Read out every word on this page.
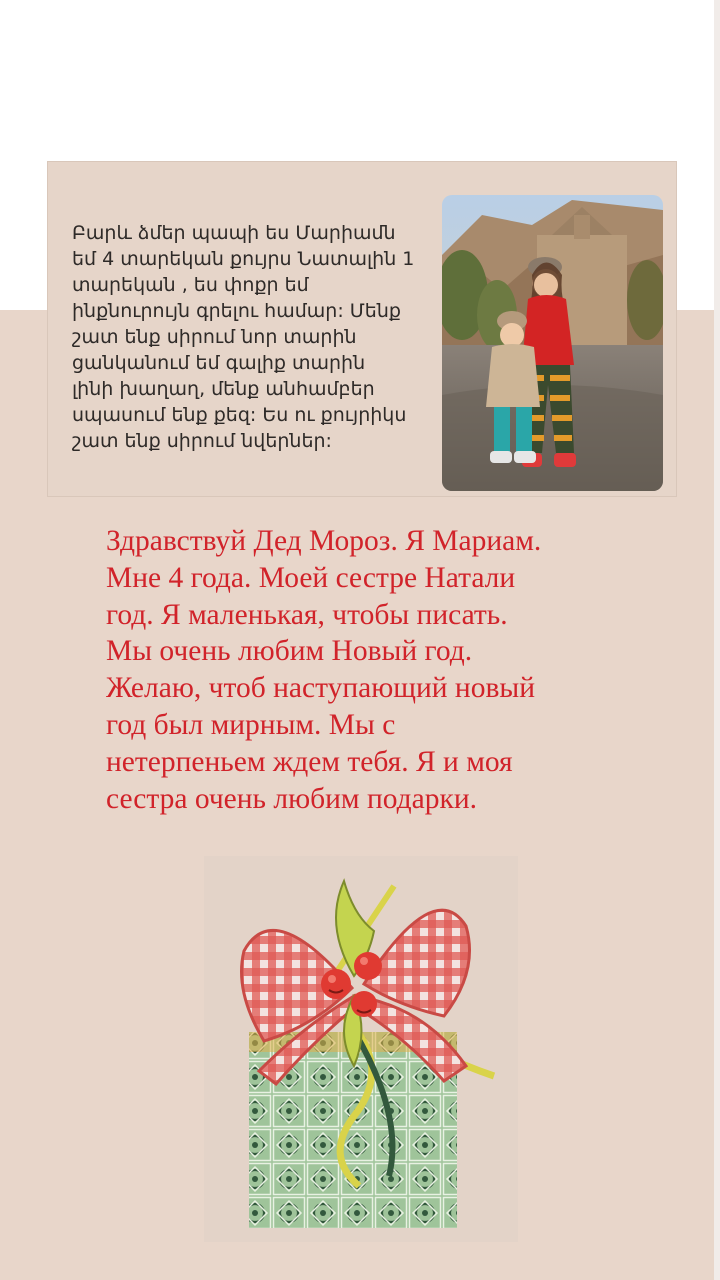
Բարև ձմեր պապի ես Մարիամն
եմ 4 տարեկան քույրս Նատալին 1
տարեկան , ես փոքր եմ
ինքնուրույն գրելու համար: Մենք
շատ ենք սիրում նոր տարին
ցանկանում եմ գալիք տարին
լինի խաղաղ, մենք անհամբեր
սպասում ենք քեզ: Ես ու քույրիկս
շատ ենք սիրում նվերներ:
Здравствуй Дед Мороз. Я Мариам.
Мне 4 года. Моей сестре Натали
год. Я маленькая, чтобы писать.
Мы очень любим Новый год.
Желаю, чтоб наступающий новый
год был мирным. Мы с
нетерпеньем ждем тебя. Я и моя
сестра очень любим подарки.
